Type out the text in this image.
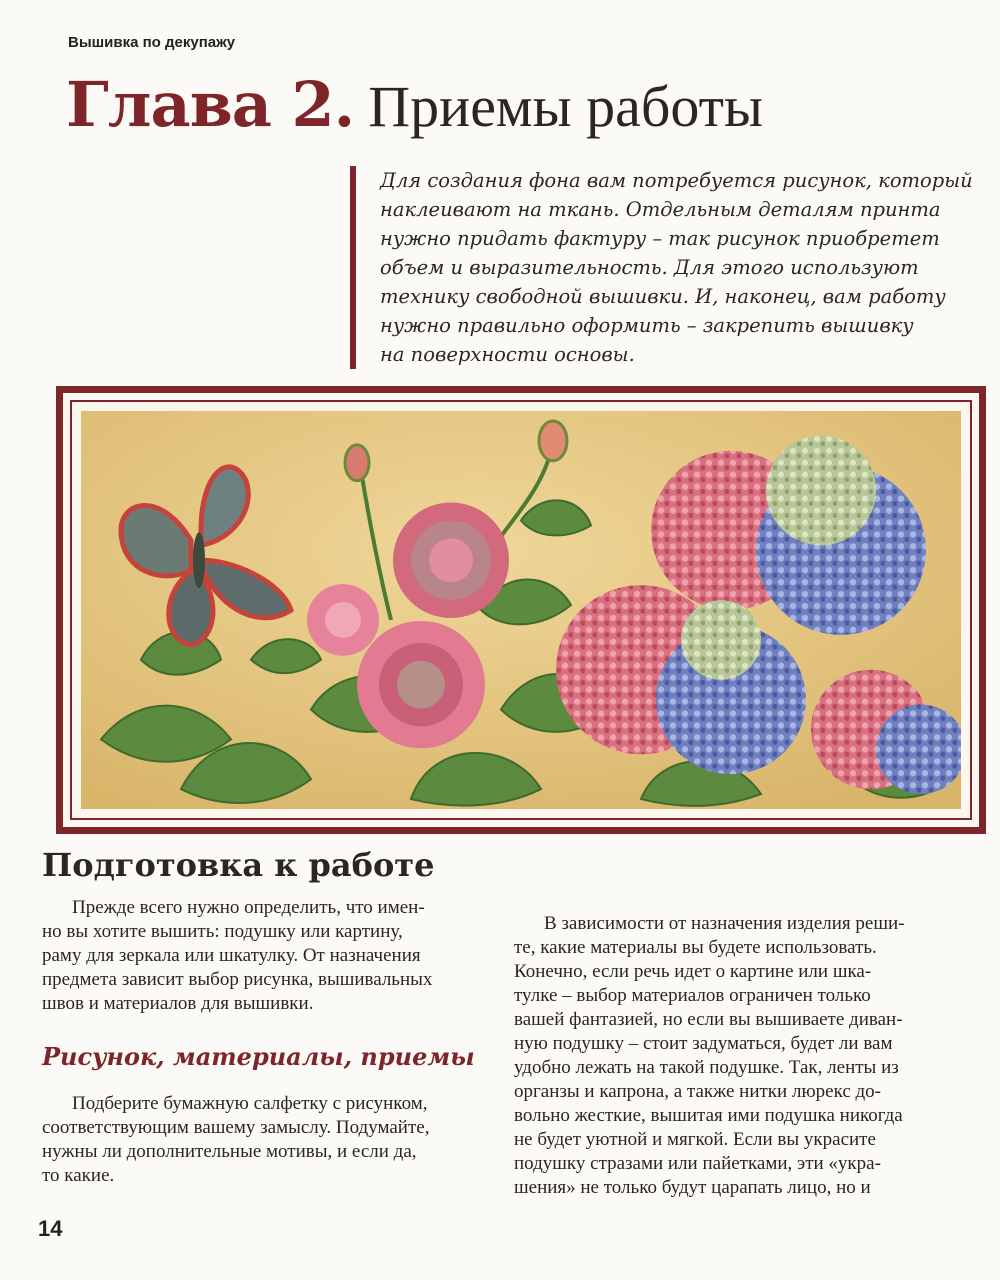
Вышивка по декупажу
Глава 2. Приемы работы
Для создания фона вам потребуется рисунок, который
наклеивают на ткань. Отдельным деталям принта
нужно придать фактуру – так рисунок приобретет
объем и выразительность. Для этого используют
технику свободной вышивки. И, наконец, вам работу
нужно правильно оформить – закрепить вышивку
на поверхности основы.
Подготовка к работе
Прежде всего нужно определить, что имен-
но вы хотите вышить: подушку или картину,
раму для зеркала или шкатулку. От назначения
предмета зависит выбор рисунка, вышивальных
швов и материалов для вышивки.
Рисунок, материалы, приемы
Подберите бумажную салфетку с рисунком,
соответствующим вашему замыслу. Подумайте,
нужны ли дополнительные мотивы, и если да,
то какие.
В зависимости от назначения изделия реши-
те, какие материалы вы будете использовать.
Конечно, если речь идет о картине или шка-
тулке – выбор материалов ограничен только
вашей фантазией, но если вы вышиваете диван-
ную подушку – стоит задуматься, будет ли вам
удобно лежать на такой подушке. Так, ленты из
органзы и капрона, а также нитки люрекс до-
вольно жесткие, вышитая ими подушка никогда
не будет уютной и мягкой. Если вы украсите
подушку стразами или пайетками, эти «укра-
шения» не только будут царапать лицо, но и
14
